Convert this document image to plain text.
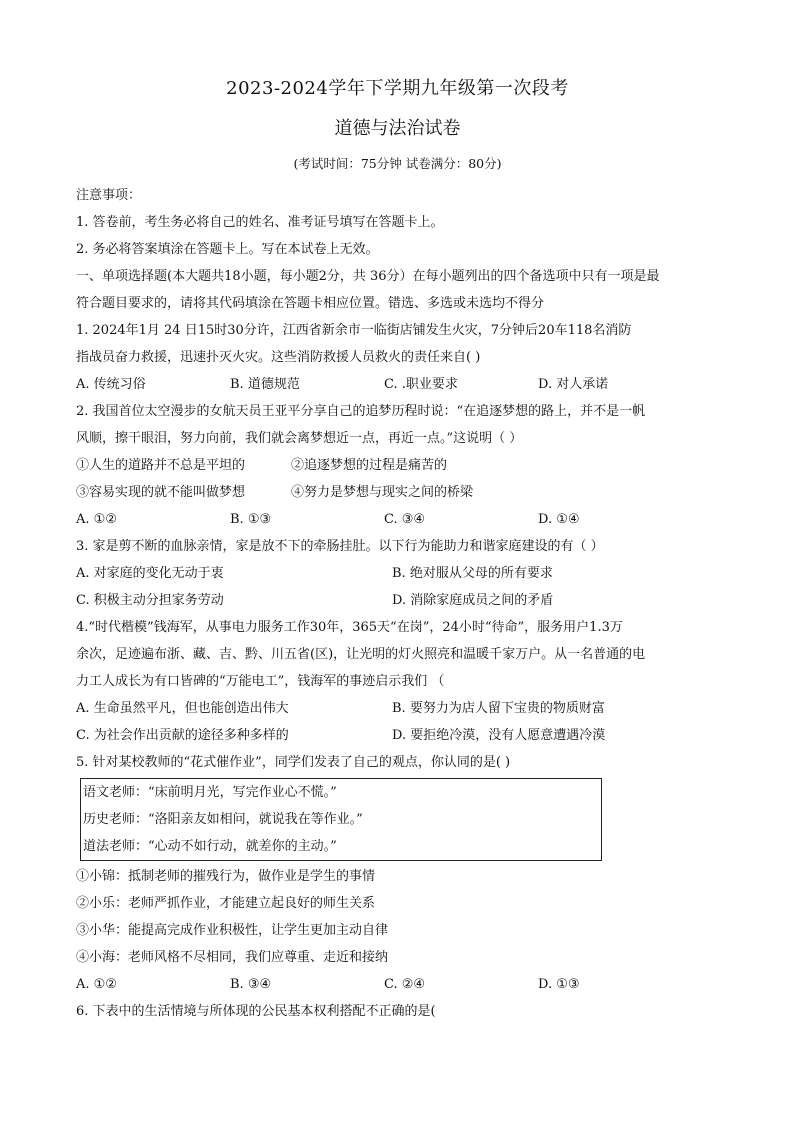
2023-2024学年下学期九年级第一次段考
道德与法治试卷
(考试时间：75分钟 试卷满分：80分)
注意事项：
1. 答卷前，考生务必将自己的姓名、准考证号填写在答题卡上。
2. 务必将答案填涂在答题卡上。写在本试卷上无效。
一、单项选择题(本大题共18小题，每小题2分，共 36分）在每小题列出的四个备选项中只有一项是最
符合题目要求的，请将其代码填涂在答题卡相应位置。错选、多选或未选均不得分
1. 2024年1月 24 日15时30分许，江西省新余市一临街店铺发生火灾，7分钟后20车118名消防
指战员奋力救援，迅速扑灭火灾。这些消防救援人员救火的责任来自( )
A. 传统习俗	B. 道德规范	C. .职业要求	D. 对人承诺
2. 我国首位太空漫步的女航天员王亚平分享自己的追梦历程时说：“在追逐梦想的路上，并不是一帆
风顺，擦干眼泪，努力向前，我们就会离梦想近一点，再近一点。”这说明（ ）
①人生的道路并不总是平坦的	②追逐梦想的过程是痛苦的
③容易实现的就不能叫做梦想	④努力是梦想与现实之间的桥梁
A. ①②	B. ①③	C. ③④	D. ①④
3. 家是剪不断的血脉亲情，家是放不下的牵肠挂肚。以下行为能助力和谐家庭建设的有（ ）
A. 对家庭的变化无动于衷	B. 绝对服从父母的所有要求
C. 积极主动分担家务劳动	D. 消除家庭成员之间的矛盾
4.“时代楷模”钱海军，从事电力服务工作30年，365天“在岗”，24小时“待命”，服务用户1.3万
余次，足迹遍布浙、藏、吉、黔、川五省(区)，让光明的灯火照亮和温暖千家万户。从一名普通的电
力工人成长为有口皆碑的“万能电工”，钱海军的事迹启示我们 （
A. 生命虽然平凡，但也能创造出伟大	B. 要努力为店人留下宝贵的物质财富
C. 为社会作出贡献的途径多种多样的	D. 要拒绝冷漠，没有人愿意遭遇冷漠
5. 针对某校教师的“花式催作业”，同学们发表了自己的观点，你认同的是( )
语文老师：“床前明月光，写完作业心不慌。”
历史老师：“洛阳亲友如相问，就说我在等作业。”
道法老师：“心动不如行动，就差你的主动。”
①小锦：抵制老师的摧残行为，做作业是学生的事情
②小乐：老师严抓作业，才能建立起良好的师生关系
③小华：能提高完成作业积极性，让学生更加主动自律
④小海：老师风格不尽相同，我们应尊重、走近和接纳
A. ①②	B. ③④	C. ②④	D. ①③
6. 下表中的生活情境与所体现的公民基本权利搭配不正确的是(
